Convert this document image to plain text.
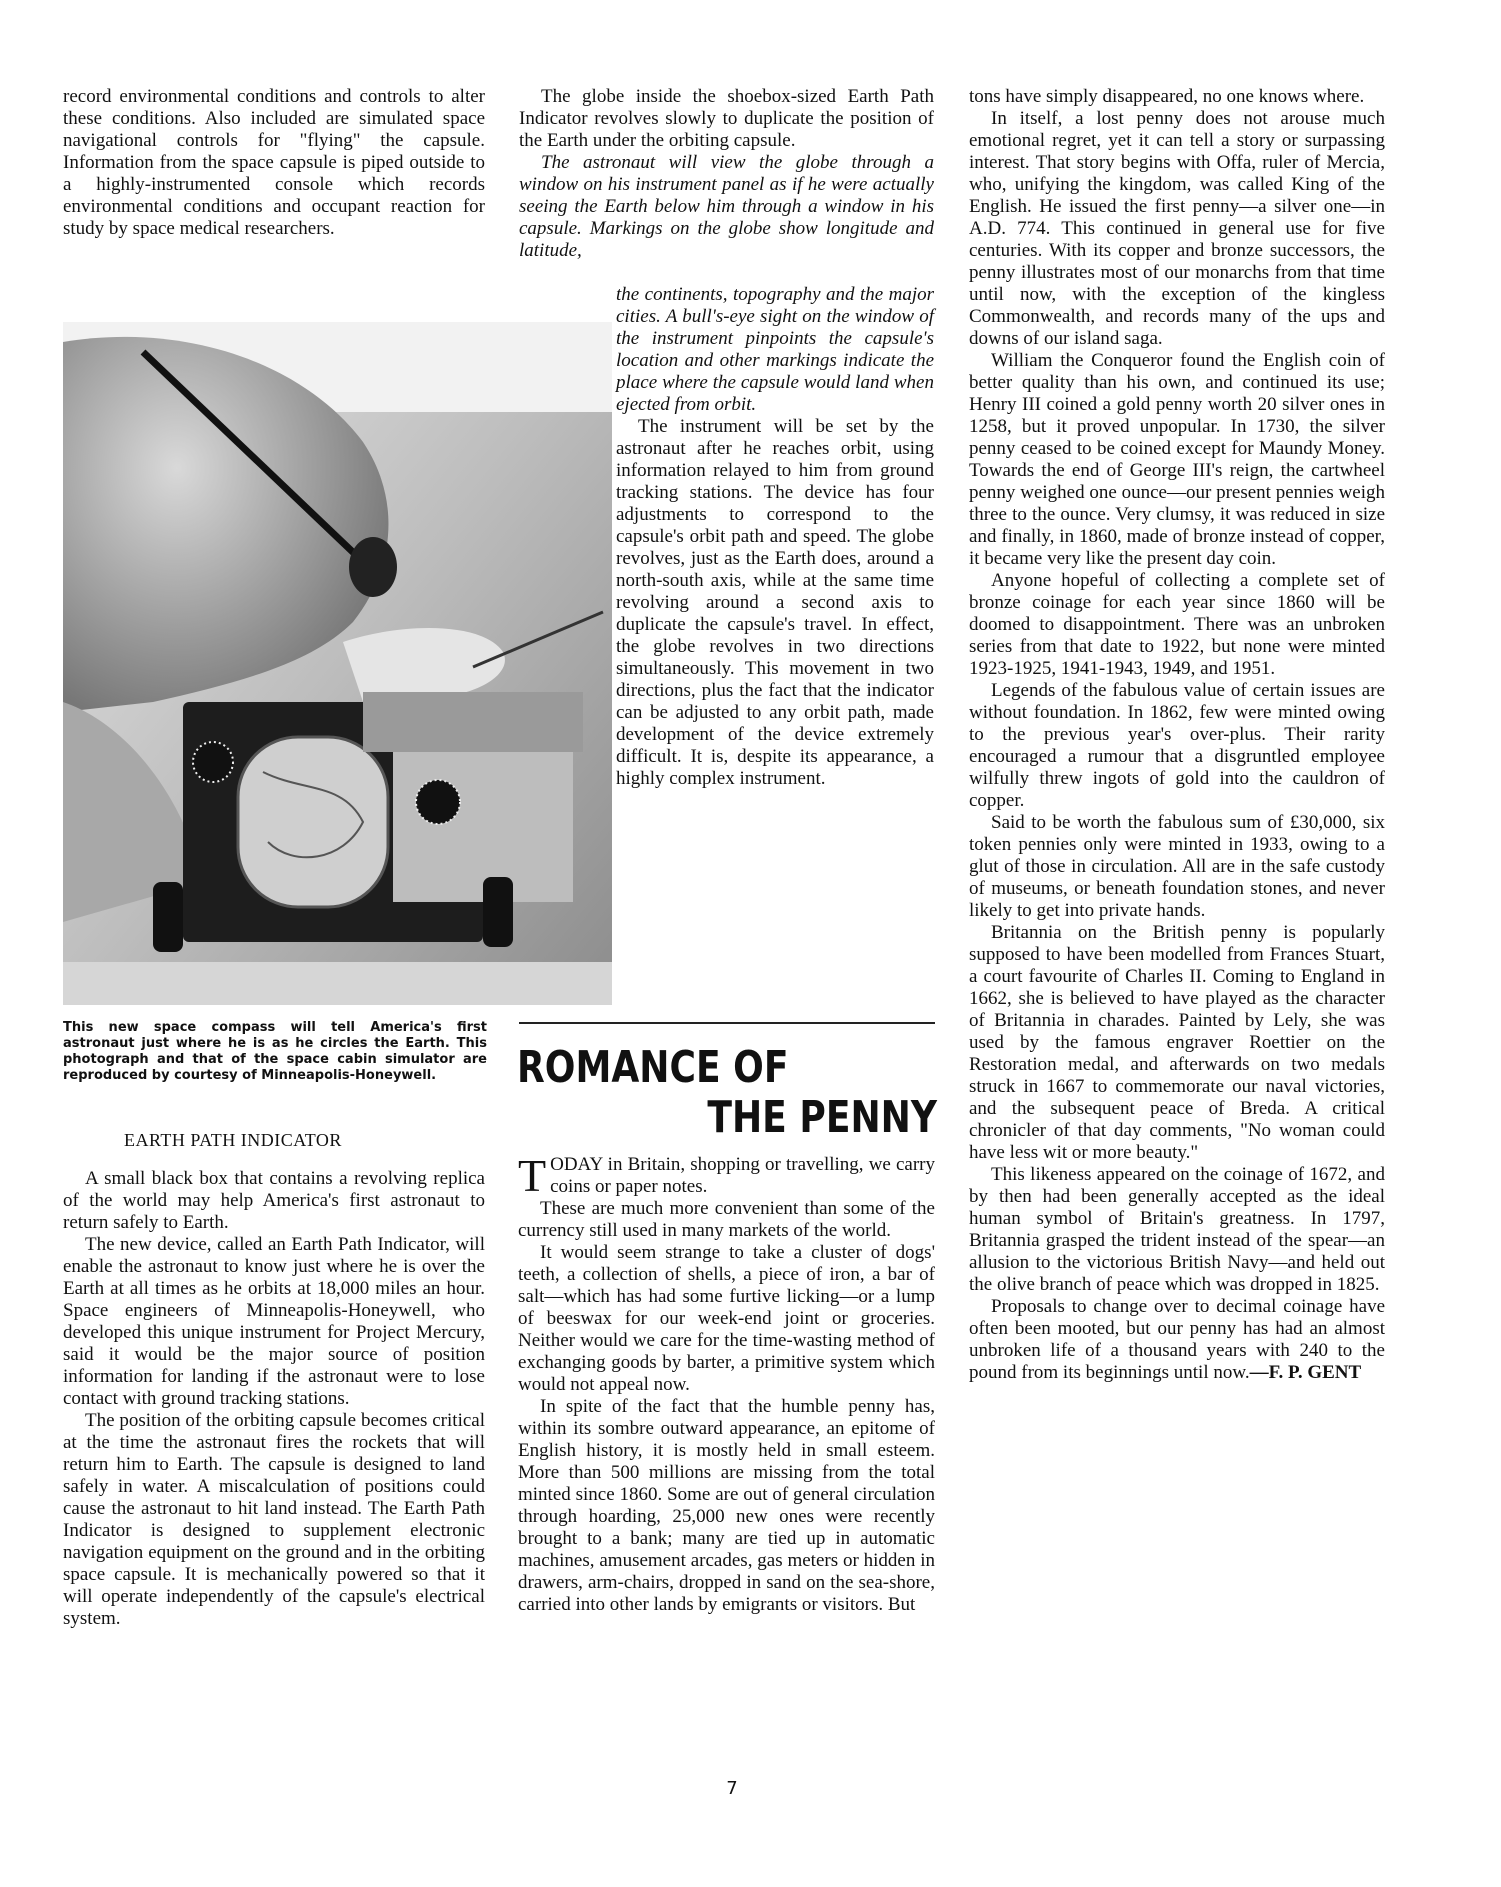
record environmental conditions and controls to alter these conditions. Also included are simulated space navigational controls for "flying" the capsule. Information from the space capsule is piped outside to a highly-instrumented console which records environmental conditions and occupant reaction for study by space medical researchers.

This new space compass will tell America's first astronaut just where he is as he circles the Earth. This photograph and that of the space cabin simulator are reproduced by courtesy of Minneapolis-Honeywell.
EARTH PATH INDICATOR

A small black box that contains a revolving replica of the world may help America's first astronaut to return safely to Earth.

The new device, called an Earth Path Indicator, will enable the astronaut to know just where he is over the Earth at all times as he orbits at 18,000 miles an hour. Space engineers of Minneapolis-Honeywell, who developed this unique instrument for Project Mercury, said it would be the major source of position information for landing if the astronaut were to lose contact with ground tracking stations.

The position of the orbiting capsule becomes critical at the time the astronaut fires the rockets that will return him to Earth. The capsule is designed to land safely in water. A miscalculation of positions could cause the astronaut to hit land instead. The Earth Path Indicator is designed to supplement electronic navigation equipment on the ground and in the orbiting space capsule. It is mechanically powered so that it will operate independently of the capsule's electrical system.

The globe inside the shoebox-sized Earth Path Indicator revolves slowly to duplicate the position of the Earth under the orbiting capsule.

The astronaut will view the globe through a window on his instrument panel as if he were actually seeing the Earth below him through a window in his capsule. Markings on the globe show longitude and latitude,

the continents, topography and the major cities. A bull's-eye sight on the window of the instrument pinpoints the capsule's location and other markings indicate the place where the capsule would land when ejected from orbit.

The instrument will be set by the astronaut after he reaches orbit, using information relayed to him from ground tracking stations. The device has four adjustments to correspond to the capsule's orbit path and speed. The globe revolves, just as the Earth does, around a north-south axis, while at the same time revolving around a second axis to duplicate the capsule's travel. In effect, the globe revolves in two directions simultaneously. This movement in two directions, plus the fact that the indicator can be adjusted to any orbit path, made development of the device extremely difficult. It is, despite its appearance, a highly complex instrument.

ROMANCE OF
THE PENNY

TODAY in Britain, shopping or travelling, we carry coins or paper notes.

These are much more convenient than some of the currency still used in many markets of the world.

It would seem strange to take a cluster of dogs' teeth, a collection of shells, a piece of iron, a bar of salt—which has had some furtive licking—or a lump of beeswax for our week-end joint or groceries. Neither would we care for the time-wasting method of exchanging goods by barter, a primitive system which would not appeal now.

In spite of the fact that the humble penny has, within its sombre outward appearance, an epitome of English history, it is mostly held in small esteem. More than 500 millions are missing from the total minted since 1860. Some are out of general circulation through hoarding, 25,000 new ones were recently brought to a bank; many are tied up in automatic machines, amusement arcades, gas meters or hidden in drawers, arm-chairs, dropped in sand on the sea-shore, carried into other lands by emigrants or visitors. But

tons have simply disappeared, no one knows where.

In itself, a lost penny does not arouse much emotional regret, yet it can tell a story or surpassing interest. That story begins with Offa, ruler of Mercia, who, unifying the kingdom, was called King of the English. He issued the first penny—a silver one—in A.D. 774. This continued in general use for five centuries. With its copper and bronze successors, the penny illustrates most of our monarchs from that time until now, with the exception of the kingless Commonwealth, and records many of the ups and downs of our island saga.

William the Conqueror found the English coin of better quality than his own, and continued its use; Henry III coined a gold penny worth 20 silver ones in 1258, but it proved unpopular. In 1730, the silver penny ceased to be coined except for Maundy Money. Towards the end of George III's reign, the cartwheel penny weighed one ounce—our present pennies weigh three to the ounce. Very clumsy, it was reduced in size and finally, in 1860, made of bronze instead of copper, it became very like the present day coin.

Anyone hopeful of collecting a complete set of bronze coinage for each year since 1860 will be doomed to disappointment. There was an unbroken series from that date to 1922, but none were minted 1923-1925, 1941-1943, 1949, and 1951.

Legends of the fabulous value of certain issues are without foundation. In 1862, few were minted owing to the previous year's over-plus. Their rarity encouraged a rumour that a disgruntled employee wilfully threw ingots of gold into the cauldron of copper.

Said to be worth the fabulous sum of £30,000, six token pennies only were minted in 1933, owing to a glut of those in circulation. All are in the safe custody of museums, or beneath foundation stones, and never likely to get into private hands.

Britannia on the British penny is popularly supposed to have been modelled from Frances Stuart, a court favourite of Charles II. Coming to England in 1662, she is believed to have played as the character of Britannia in charades. Painted by Lely, she was used by the famous engraver Roettier on the Restoration medal, and afterwards on two medals struck in 1667 to commemorate our naval victories, and the subsequent peace of Breda. A critical chronicler of that day comments, "No woman could have less wit or more beauty."

This likeness appeared on the coinage of 1672, and by then had been generally accepted as the ideal human symbol of Britain's greatness. In 1797, Britannia grasped the trident instead of the spear—an allusion to the victorious British Navy—and held out the olive branch of peace which was dropped in 1825.

Proposals to change over to decimal coinage have often been mooted, but our penny has had an almost unbroken life of a thousand years with 240 to the pound from its beginnings until now.—F. P. GENT

7
